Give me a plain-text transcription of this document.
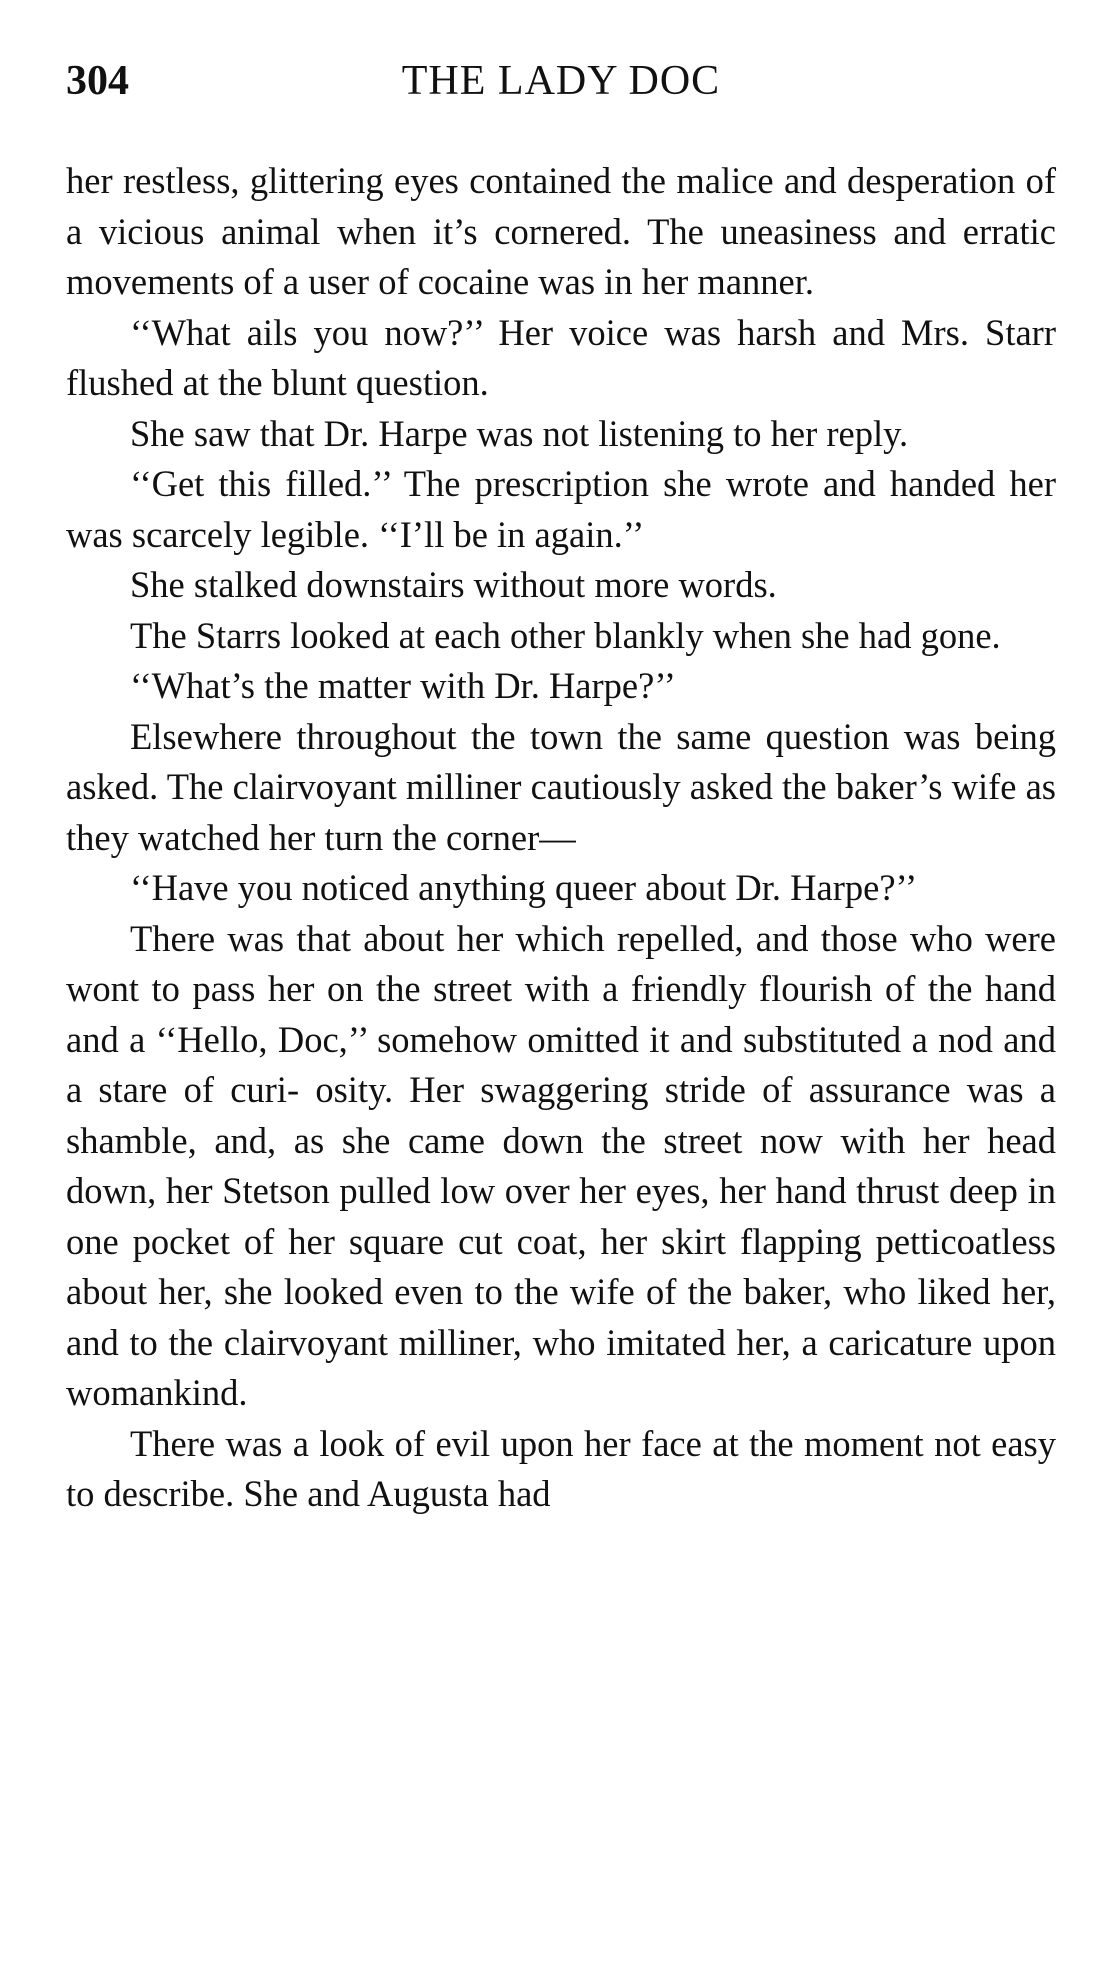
304	THE LADY DOC

her restless, glittering eyes contained the malice and desperation of a vicious animal when it’s cornered. The uneasiness and erratic movements of a user of cocaine was in her manner.

‘‘What ails you now?’’ Her voice was harsh and Mrs. Starr flushed at the blunt question.

She saw that Dr. Harpe was not listening to her reply.

‘‘Get this filled.’’ The prescription she wrote and handed her was scarcely legible. ‘‘I’ll be in again.’’

She stalked downstairs without more words.

The Starrs looked at each other blankly when she had gone.

‘‘What’s the matter with Dr. Harpe?’’

Elsewhere throughout the town the same question was being asked. The clairvoyant milliner cautiously asked the baker’s wife as they watched her turn the corner—

‘‘Have you noticed anything queer about Dr. Harpe?’’

There was that about her which repelled, and those who were wont to pass her on the street with a friendly flourish of the hand and a ‘‘Hello, Doc,’’ somehow omitted it and substituted a nod and a stare of curi- osity. Her swaggering stride of assurance was a shamble, and, as she came down the street now with her head down, her Stetson pulled low over her eyes, her hand thrust deep in one pocket of her square cut coat, her skirt flapping petticoatless about her, she looked even to the wife of the baker, who liked her, and to the clairvoyant milliner, who imitated her, a caricature upon womankind.

There was a look of evil upon her face at the moment not easy to describe. She and Augusta had
